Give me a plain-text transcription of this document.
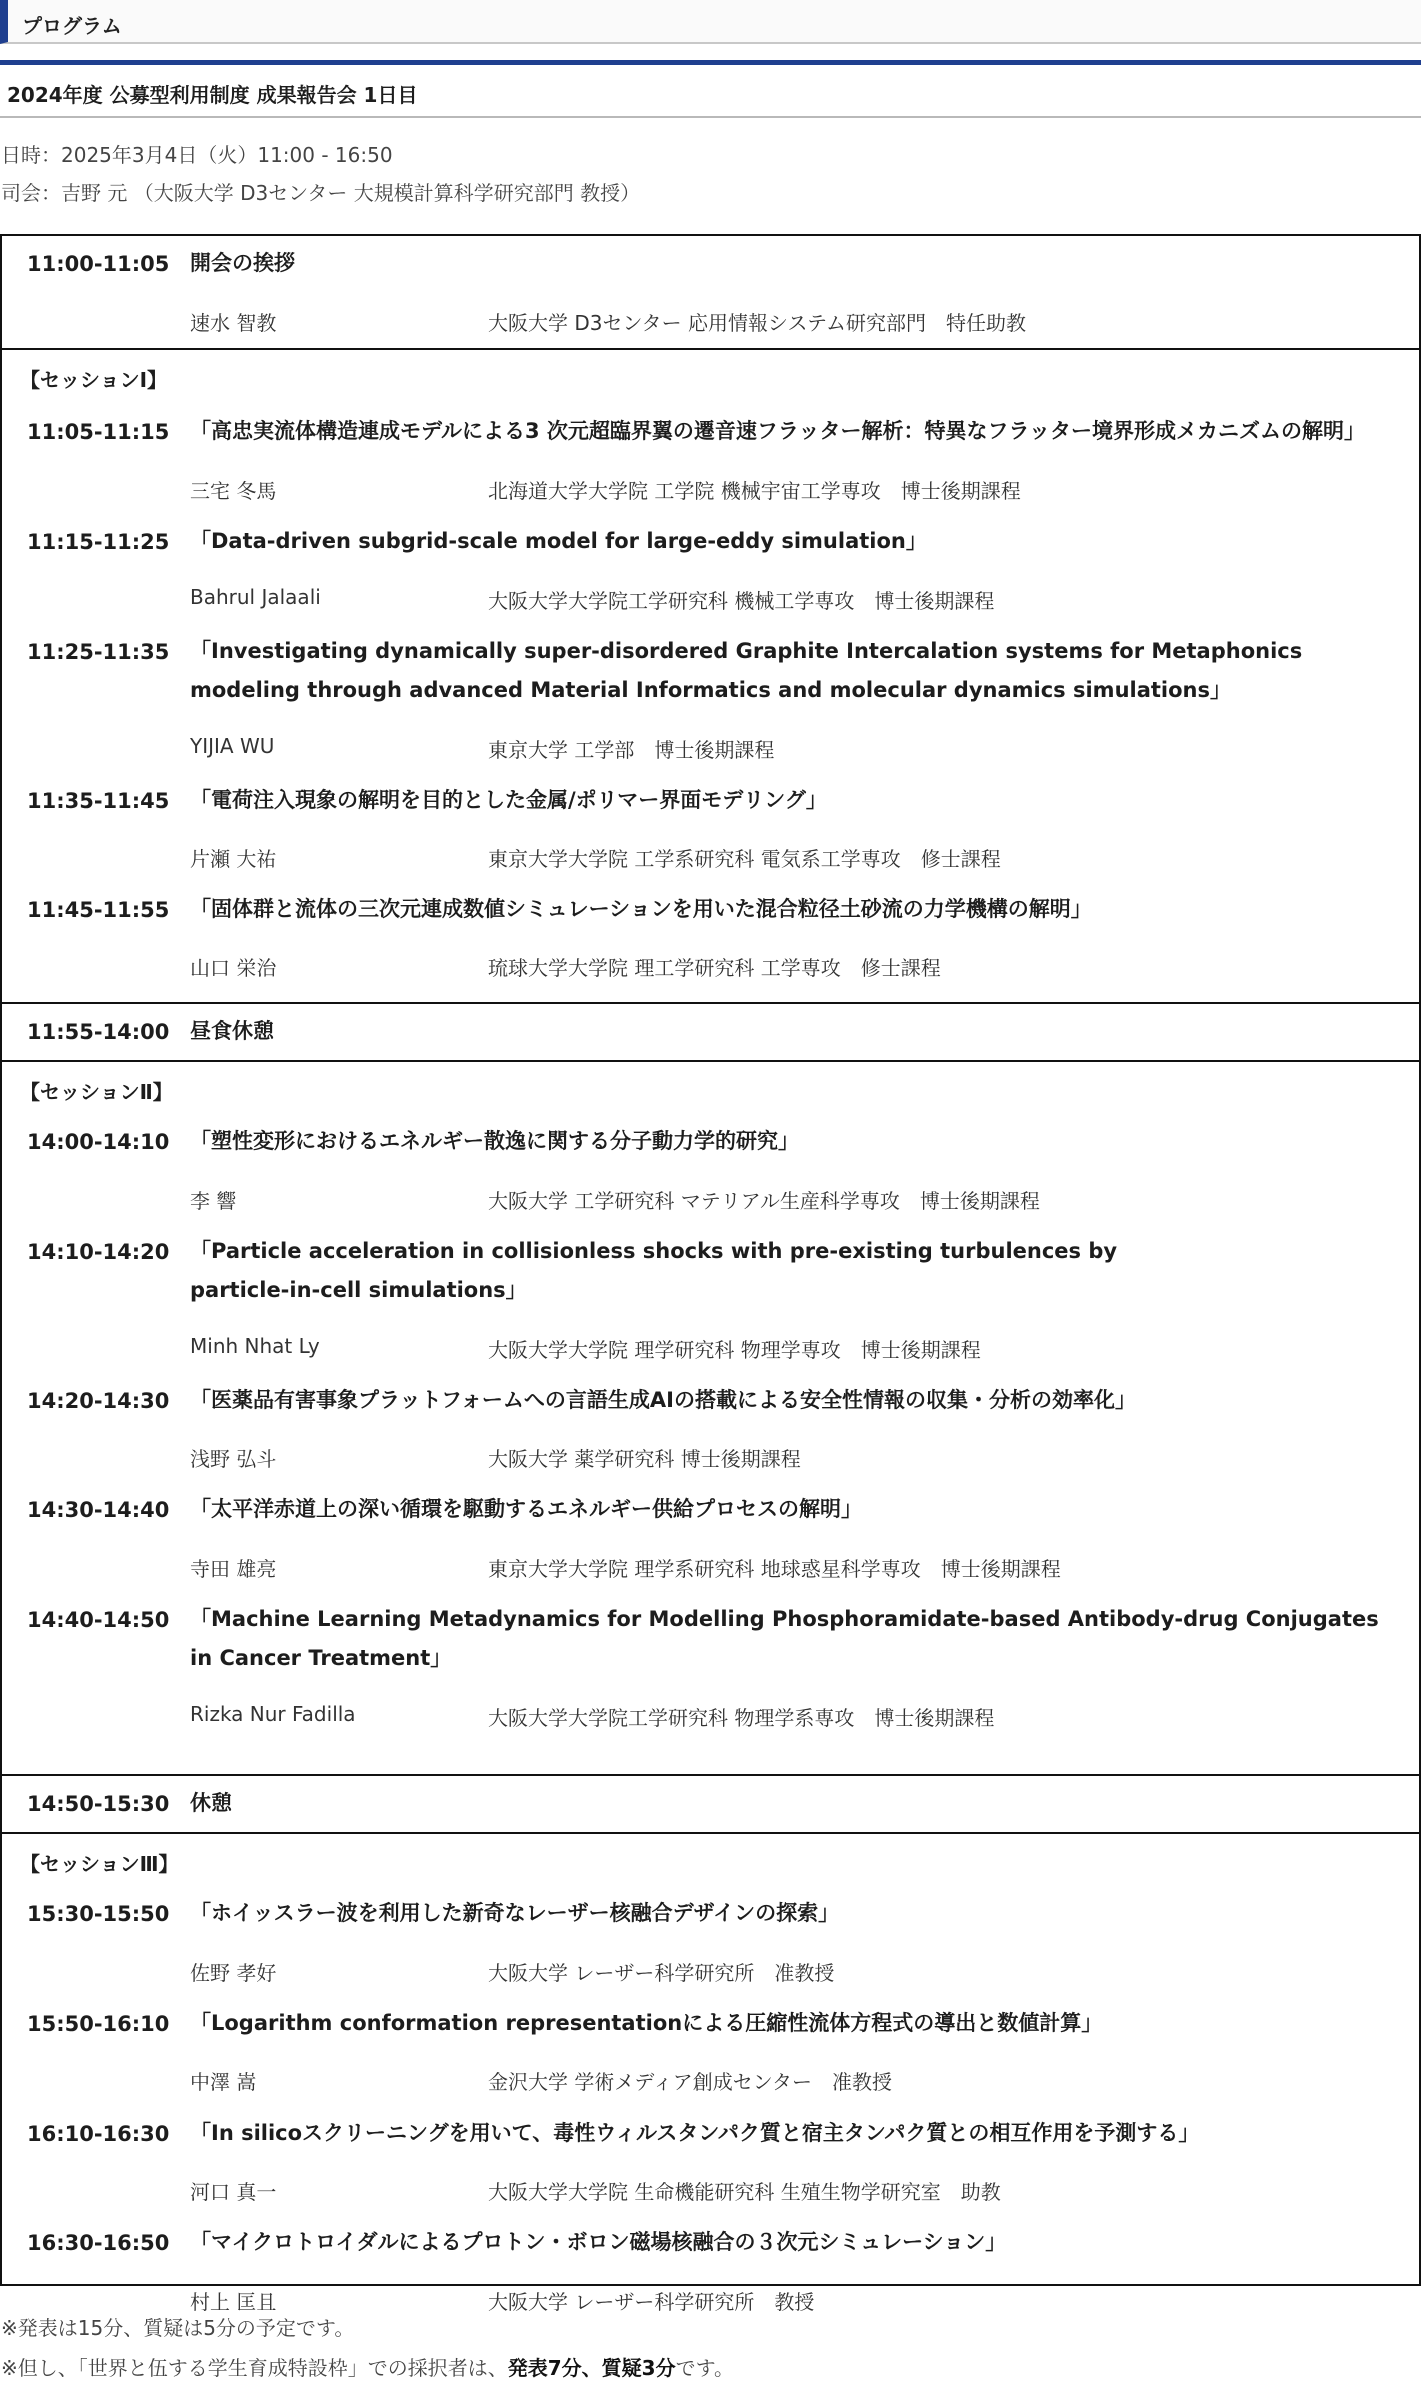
プログラム
2024年度 公募型利用制度 成果報告会 1日目
日時：2025年3月4日（火）11:00 - 16:50
司会：吉野 元 （大阪大学 D3センター 大規模計算科学研究部門 教授）
11:00-11:05 開会の挨拶
速水 智教	大阪大学 D3センター 応用情報システム研究部門　特任助教
【セッションⅠ】
11:05-11:15 「高忠実流体構造連成モデルによる3 次元超臨界翼の遷音速フラッター解析：特異なフラッター境界形成メカニズムの解明」
三宅 冬馬	北海道大学大学院 工学院 機械宇宙工学専攻　博士後期課程
11:15-11:25 「Data-driven subgrid-scale model for large-eddy simulation」
Bahrul Jalaali	大阪大学大学院工学研究科 機械工学専攻　博士後期課程
11:25-11:35 「Investigating dynamically super-disordered Graphite Intercalation systems for Metaphonics modeling through advanced Material Informatics and molecular dynamics simulations」
YIJIA WU	東京大学 工学部　博士後期課程
11:35-11:45 「電荷注入現象の解明を目的とした金属/ポリマー界面モデリング」
片瀬 大祐	東京大学大学院 工学系研究科 電気系工学専攻　修士課程
11:45-11:55 「固体群と流体の三次元連成数値シミュレーションを用いた混合粒径土砂流の力学機構の解明」
山口 栄治	琉球大学大学院 理工学研究科 工学専攻　修士課程
11:55-14:00 昼食休憩
【セッションⅡ】
14:00-14:10 「塑性変形におけるエネルギー散逸に関する分子動力学的研究」
李 響	大阪大学 工学研究科 マテリアル生産科学専攻　博士後期課程
14:10-14:20 「Particle acceleration in collisionless shocks with pre-existing turbulences by particle-in-cell simulations」
Minh Nhat Ly	大阪大学大学院 理学研究科 物理学専攻　博士後期課程
14:20-14:30 「医薬品有害事象プラットフォームへの言語生成AIの搭載による安全性情報の収集・分析の効率化」
浅野 弘斗	大阪大学 薬学研究科 博士後期課程
14:30-14:40 「太平洋赤道上の深い循環を駆動するエネルギー供給プロセスの解明」
寺田 雄亮	東京大学大学院 理学系研究科 地球惑星科学専攻　博士後期課程
14:40-14:50 「Machine Learning Metadynamics for Modelling Phosphoramidate-based Antibody-drug Conjugates in Cancer Treatment」
Rizka Nur Fadilla	大阪大学大学院工学研究科 物理学系専攻　博士後期課程
14:50-15:30 休憩
【セッションⅢ】
15:30-15:50 「ホイッスラー波を利用した新奇なレーザー核融合デザインの探索」
佐野 孝好	大阪大学 レーザー科学研究所　准教授
15:50-16:10 「Logarithm conformation representationによる圧縮性流体方程式の導出と数値計算」
中澤 嵩	金沢大学 学術メディア創成センター　准教授
16:10-16:30 「In silicoスクリーニングを用いて、毒性ウィルスタンパク質と宿主タンパク質との相互作用を予測する」
河口 真一	大阪大学大学院 生命機能研究科 生殖生物学研究室　助教
16:30-16:50 「マイクロトロイダルによるプロトン・ボロン磁場核融合の３次元シミュレーション」
村上 匡且	大阪大学 レーザー科学研究所　教授
※発表は15分、質疑は5分の予定です。
※但し、「世界と伍する学生育成特設枠」での採択者は、発表7分、質疑3分です。
